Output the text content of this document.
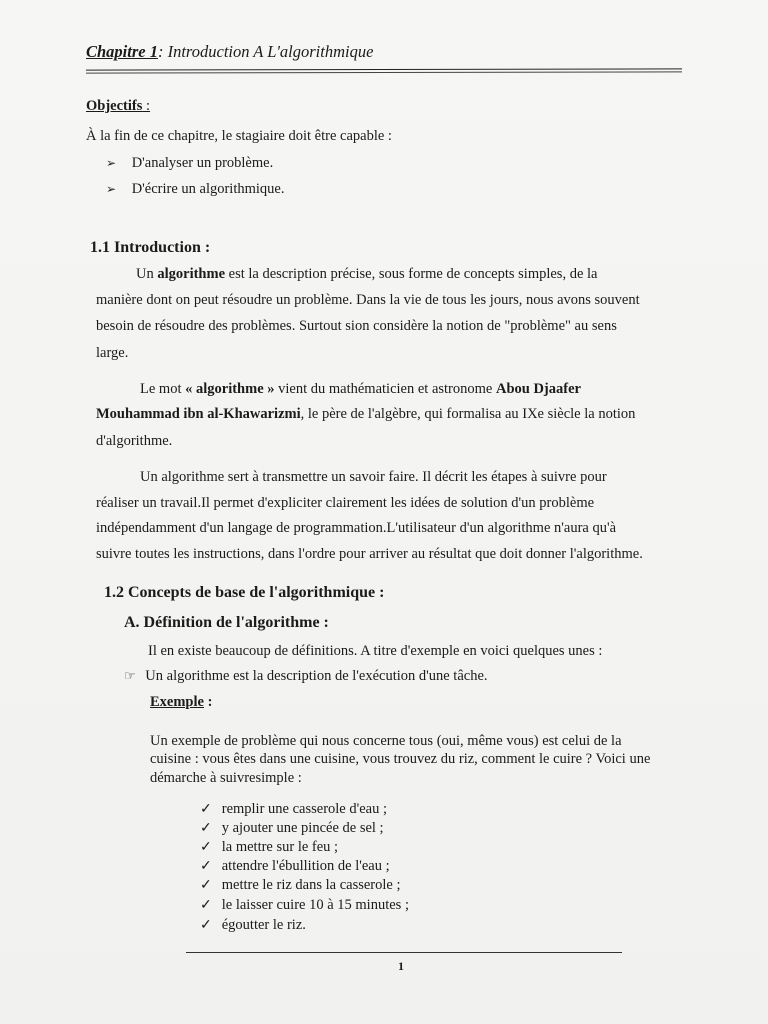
Chapitre 1: Introduction A L'algorithmique
Objectifs :
À la fin de ce chapitre, le stagiaire doit être capable :
➢ D'analyser un problème.
➢ D'écrire un algorithmique.
1.1 Introduction :
Un algorithme est la description précise, sous forme de concepts simples, de la
manière dont on peut résoudre un problème. Dans la vie de tous les jours, nous avons souvent
besoin de résoudre des problèmes. Surtout sion considère la notion de "problème" au sens
large.
Le mot « algorithme » vient du mathématicien et astronome Abou Djaafer
Mouhammad ibn al-Khawarizmi, le père de l'algèbre, qui formalisa au IXe siècle la notion
d'algorithme.
Un algorithme sert à transmettre un savoir faire. Il décrit les étapes à suivre pour
réaliser un travail.Il permet d'expliciter clairement les idées de solution d'un problème
indépendamment d'un langage de programmation.L'utilisateur d'un algorithme n'aura qu'à
suivre toutes les instructions, dans l'ordre pour arriver au résultat que doit donner l'algorithme.
1.2 Concepts de base de l'algorithmique :
A. Définition de l'algorithme :
Il en existe beaucoup de définitions. A titre d'exemple en voici quelques unes :
☞ Un algorithme est la description de l'exécution d'une tâche.
Exemple :
Un exemple de problème qui nous concerne tous (oui, même vous) est celui de la
cuisine : vous êtes dans une cuisine, vous trouvez du riz, comment le cuire ? Voici une
démarche à suivresimple :
✓ remplir une casserole d'eau ;
✓ y ajouter une pincée de sel ;
✓ la mettre sur le feu ;
✓ attendre l'ébullition de l'eau ;
✓ mettre le riz dans la casserole ;
✓ le laisser cuire 10 à 15 minutes ;
✓ égoutter le riz.
1
